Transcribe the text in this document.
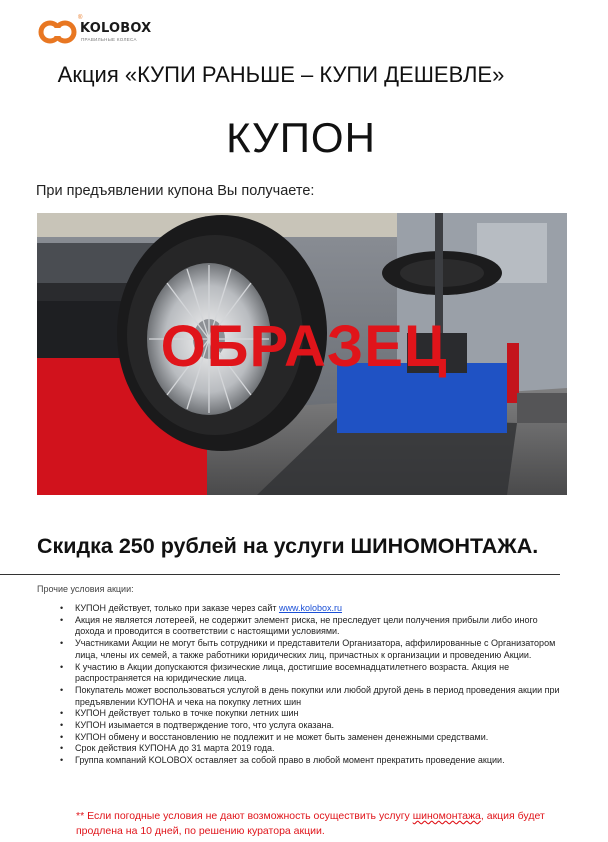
®
KOLOBOX
ПРАВИЛЬНЫЕ КОЛЕСА
Акция «КУПИ РАНЬШЕ – КУПИ ДЕШЕВЛЕ»
КУПОН
При предъявлении купона Вы получаете:
ОБРАЗЕЦ
Скидка 250 рублей на услуги ШИНОМОНТАЖА.
Прочие условия акции:
• КУПОН действует, только при заказе через сайт www.kolobox.ru
• Акция не является лотереей, не содержит элемент риска, не преследует цели получения прибыли либо иного дохода и проводится в соответствии с настоящими условиями.
• Участниками Акции не могут быть сотрудники и представители Организатора, аффилированные с Организатором лица, члены их семей, а также работники юридических лиц, причастных к организации и проведению Акции.
• К участию в Акции допускаются физические лица, достигшие восемнадцатилетнего возраста. Акция не распространяется на юридические лица.
• Покупатель может воспользоваться услугой в день покупки или любой другой день в период проведения акции при предъявлении КУПОНА и чека на покупку летних шин
• КУПОН действует только в точке покупки летних шин
• КУПОН изымается в подтверждение того, что услуга оказана.
• КУПОН обмену и восстановлению не подлежит и не может быть заменен денежными средствами.
• Срок действия КУПОНА до 31 марта 2019 года.
• Группа компаний KOLOBOX оставляет за собой право в любой момент прекратить проведение акции.
** Если погодные условия не дают возможность осуществить услугу шиномонтажа, акция будет продлена на 10 дней, по решению куратора акции.
